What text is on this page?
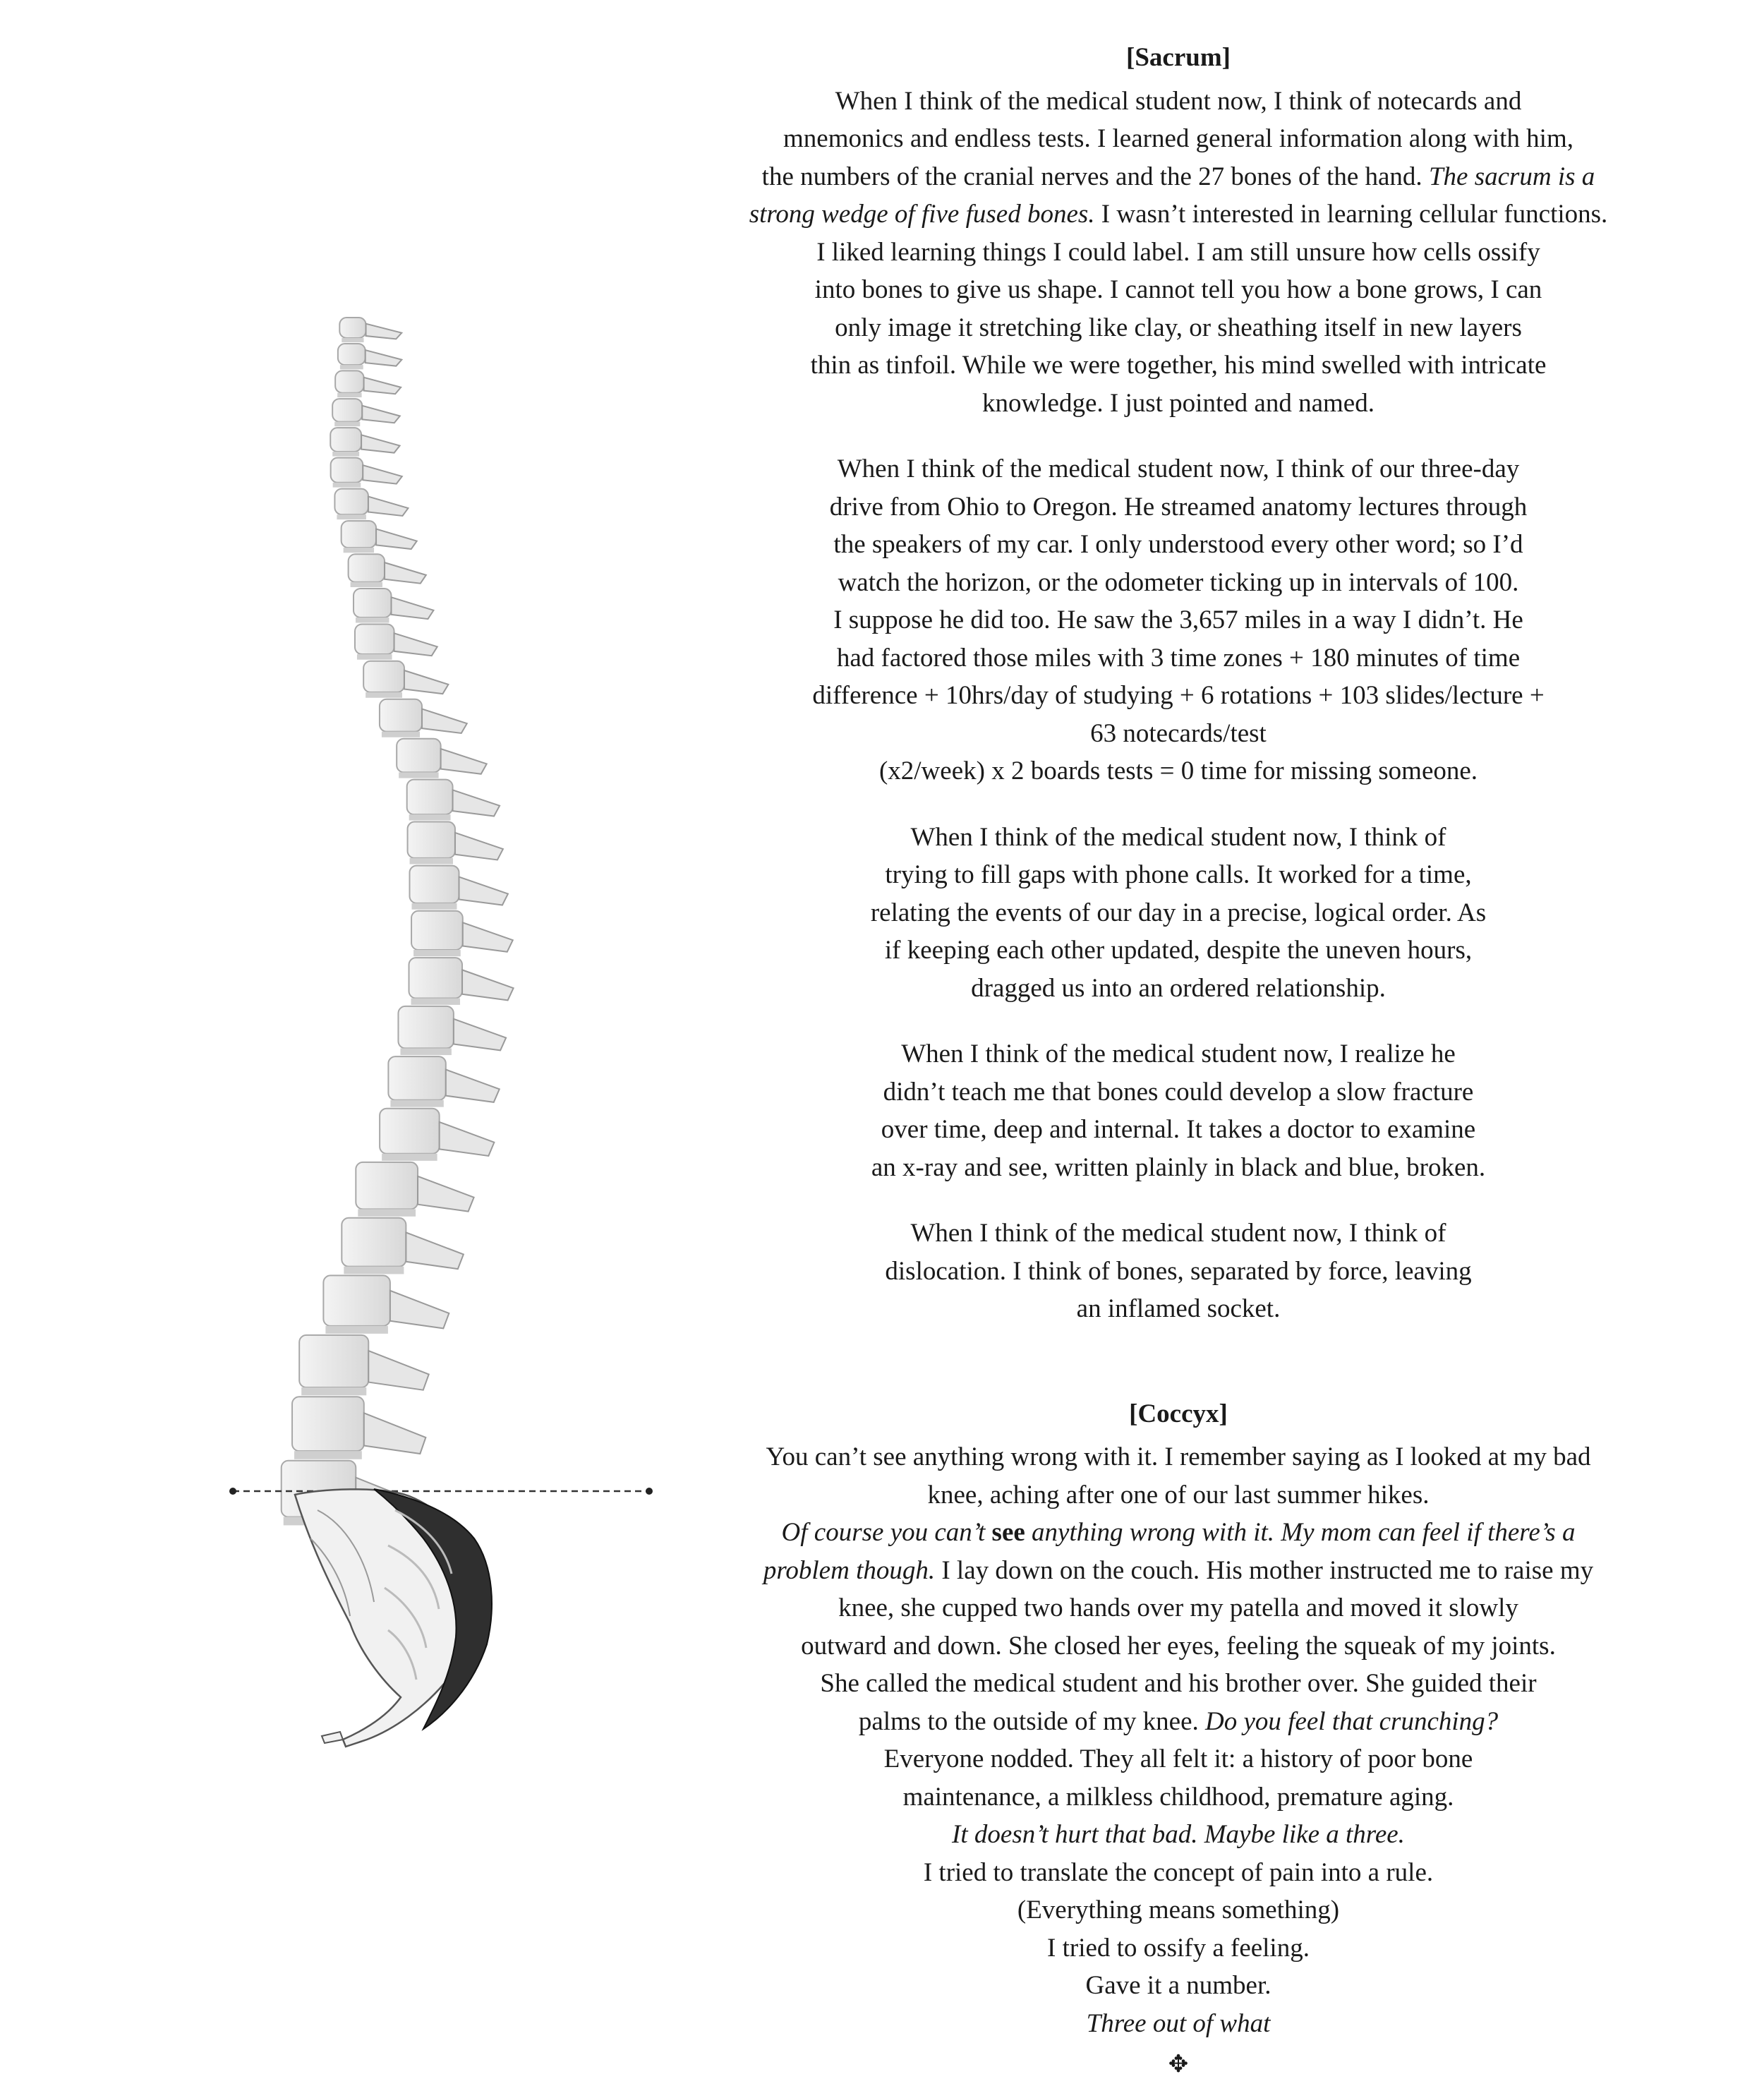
[Sacrum]

When I think of the medical student now, I think of notecards and
mnemonics and endless tests. I learned general information along with him,
the numbers of the cranial nerves and the 27 bones of the hand. The sacrum is a
strong wedge of five fused bones. I wasn’t interested in learning cellular functions.
I liked learning things I could label. I am still unsure how cells ossify
into bones to give us shape. I cannot tell you how a bone grows, I can
only image it stretching like clay, or sheathing itself in new layers
thin as tinfoil. While we were together, his mind swelled with intricate
knowledge. I just pointed and named.

When I think of the medical student now, I think of our three-day
drive from Ohio to Oregon. He streamed anatomy lectures through
the speakers of my car. I only understood every other word; so I’d
watch the horizon, or the odometer ticking up in intervals of 100.
I suppose he did too. He saw the 3,657 miles in a way I didn’t. He
had factored those miles with 3 time zones + 180 minutes of time
difference + 10hrs/day of studying + 6 rotations + 103 slides/lecture +
63 notecards/test
(x2/week) x 2 boards tests = 0 time for missing someone.

When I think of the medical student now, I think of
trying to fill gaps with phone calls. It worked for a time,
relating the events of our day in a precise, logical order. As
if keeping each other updated, despite the uneven hours,
dragged us into an ordered relationship.

When I think of the medical student now, I realize he
didn’t teach me that bones could develop a slow fracture
over time, deep and internal. It takes a doctor to examine
an x-ray and see, written plainly in black and blue, broken.

When I think of the medical student now, I think of
dislocation. I think of bones, separated by force, leaving
an inflamed socket.

[Coccyx]

You can’t see anything wrong with it. I remember saying as I looked at my bad
knee, aching after one of our last summer hikes.
Of course you can’t see anything wrong with it. My mom can feel if there’s a
problem though. I lay down on the couch. His mother instructed me to raise my
knee, she cupped two hands over my patella and moved it slowly
outward and down. She closed her eyes, feeling the squeak of my joints.
She called the medical student and his brother over. She guided their
palms to the outside of my knee. Do you feel that crunching?
Everyone nodded. They all felt it: a history of poor bone
maintenance, a milkless childhood, premature aging.
It doesn’t hurt that bad. Maybe like a three.
I tried to translate the concept of pain into a rule.
(Everything means something)
I tried to ossify a feeling.
Gave it a number.
Three out of what

✥
